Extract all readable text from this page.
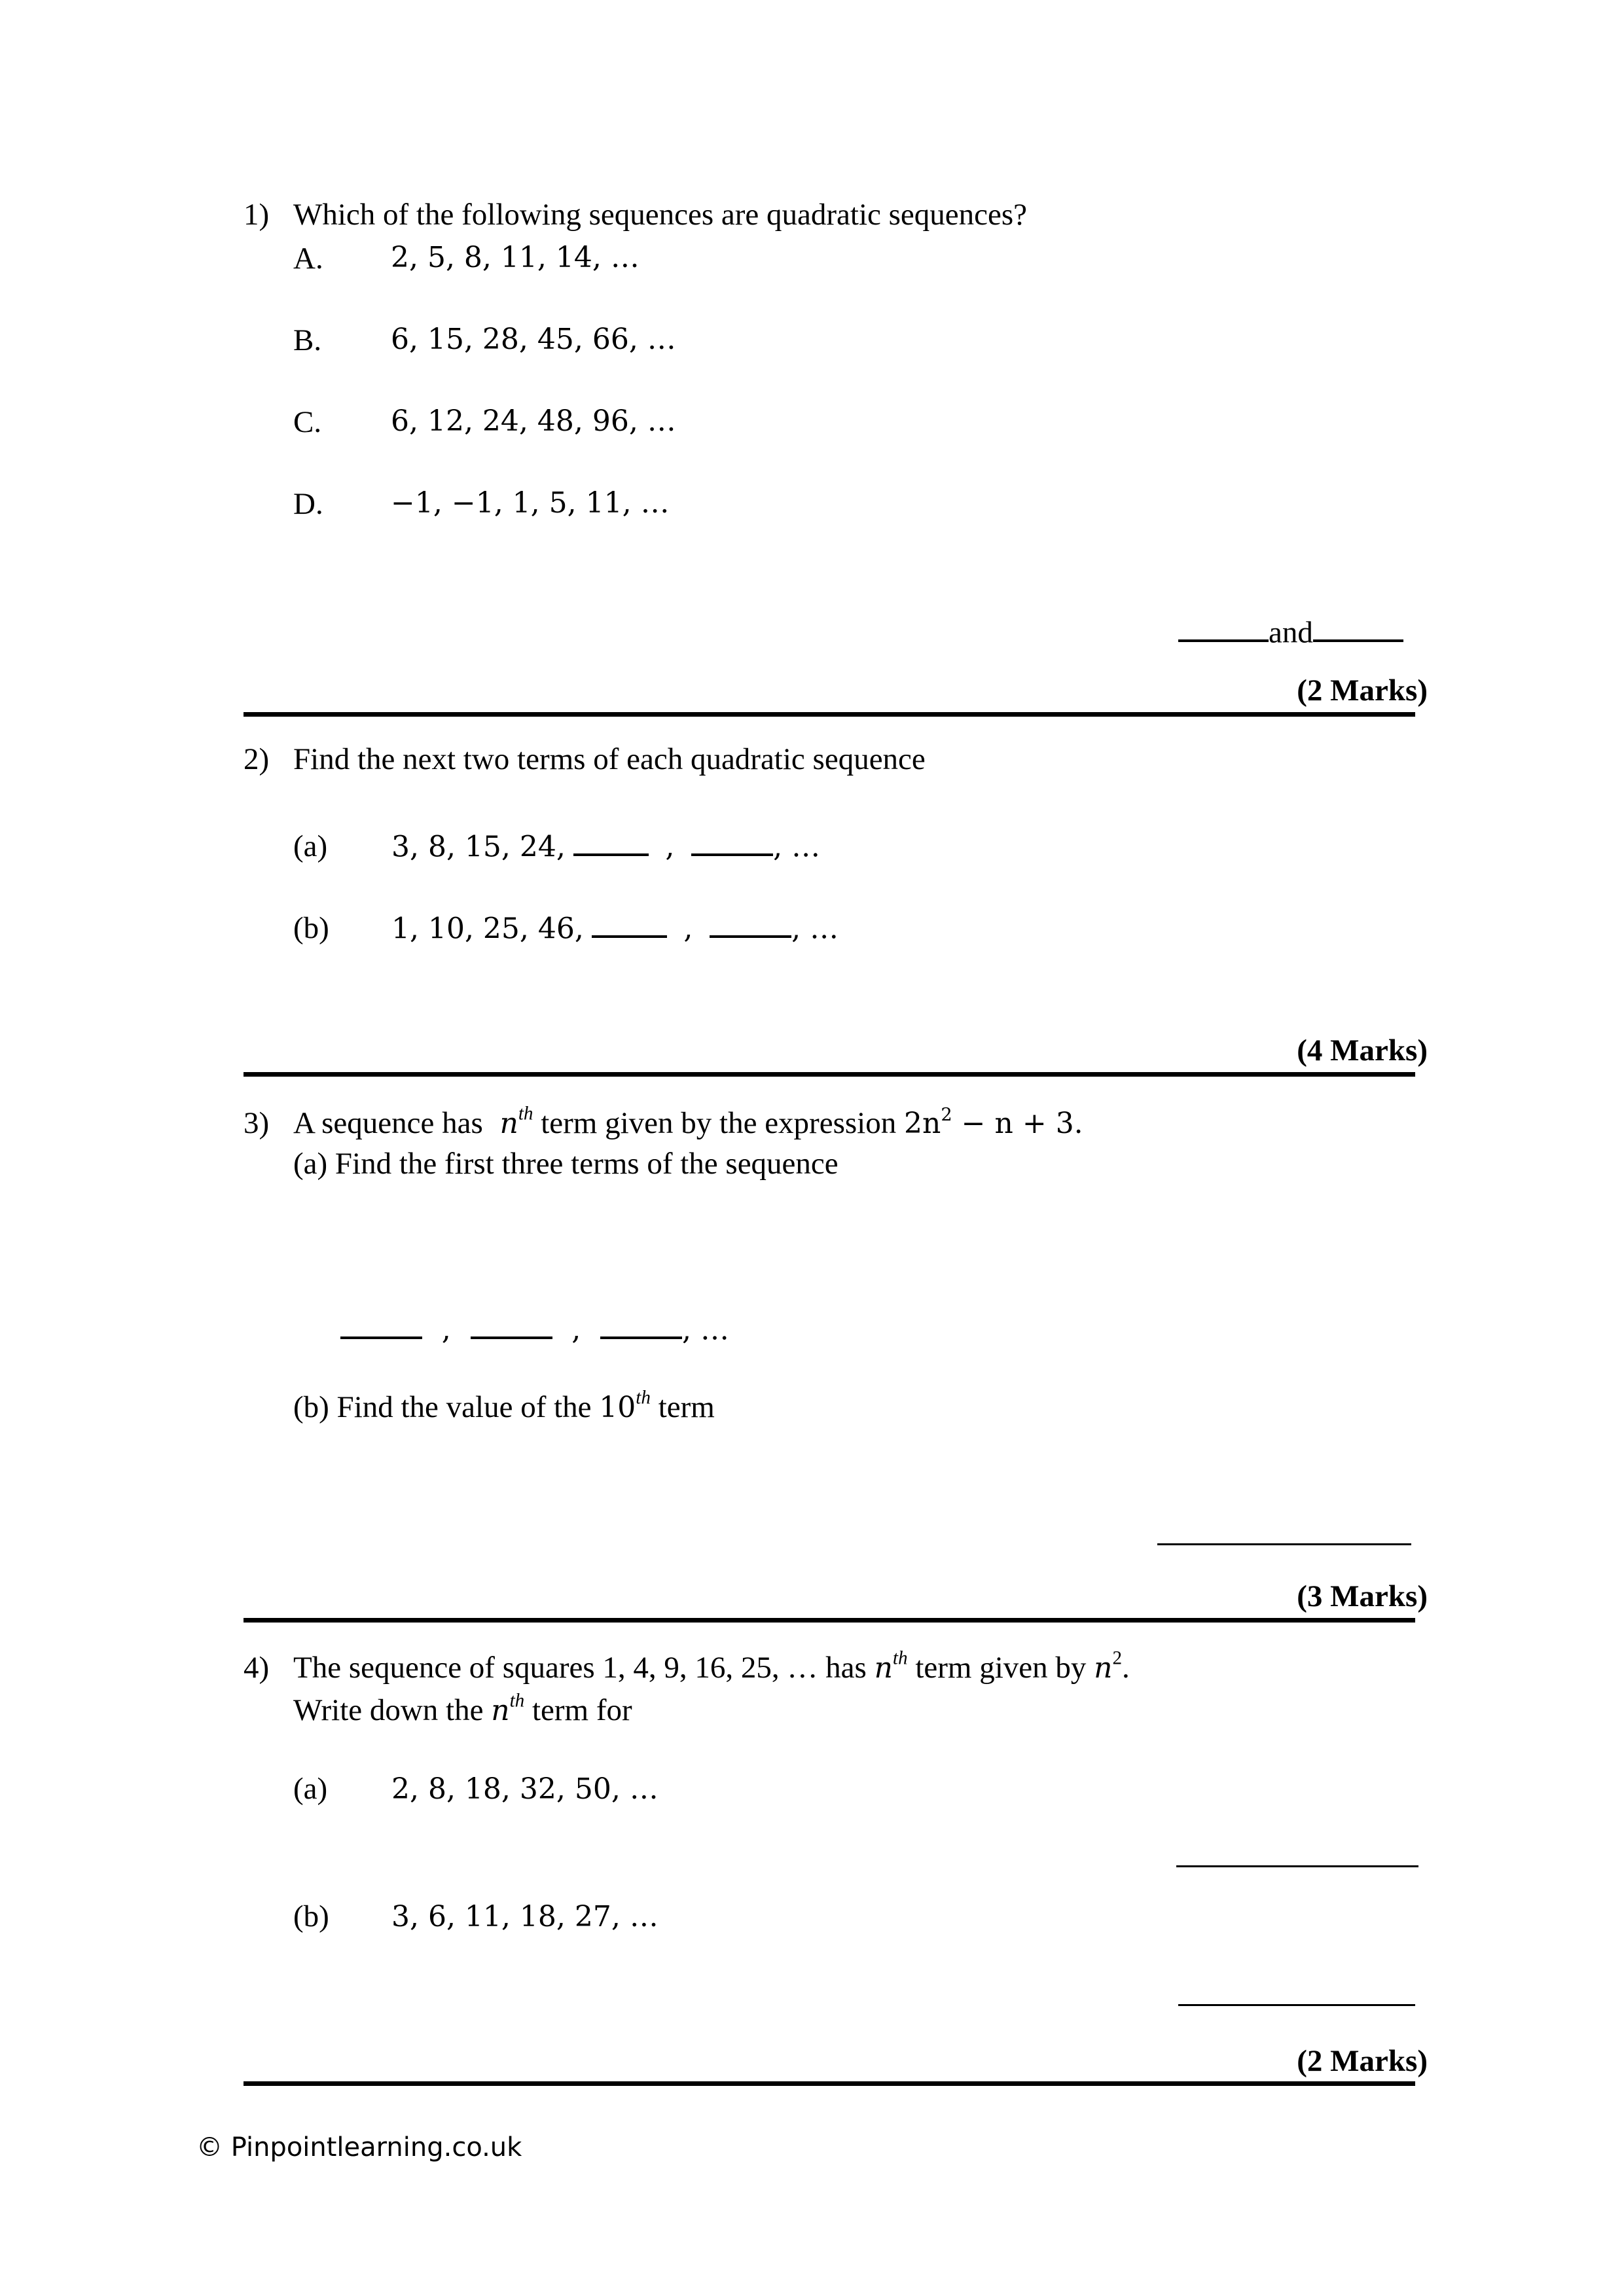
1) Which of the following sequences are quadratic sequences?
A. 2, 5, 8, 11, 14, …
B. 6, 15, 28, 45, 66, …
C. 6, 12, 24, 48, 96, …
D. −1, −1, 1, 5, 11, …
and
(2 Marks)
2) Find the next two terms of each quadratic sequence
(a) 3, 8, 15, 24,	,	, …
(b) 1, 10, 25, 46,	,	, …
(4 Marks)
3) A sequence has $n^{th}$ term given by the expression $2n^2 - n + 3$.
(a) Find the first three terms of the sequence
,	,	, …
(b) Find the value of the 10th term
(3 Marks)
4) The sequence of squares 1, 4, 9, 16, 25, … has $n^{th}$ term given by $n^2$.
Write down the $n^{th}$ term for
(a) 2, 8, 18, 32, 50, …
(b) 3, 6, 11, 18, 27, …
(2 Marks)
© Pinpointlearning.co.uk
